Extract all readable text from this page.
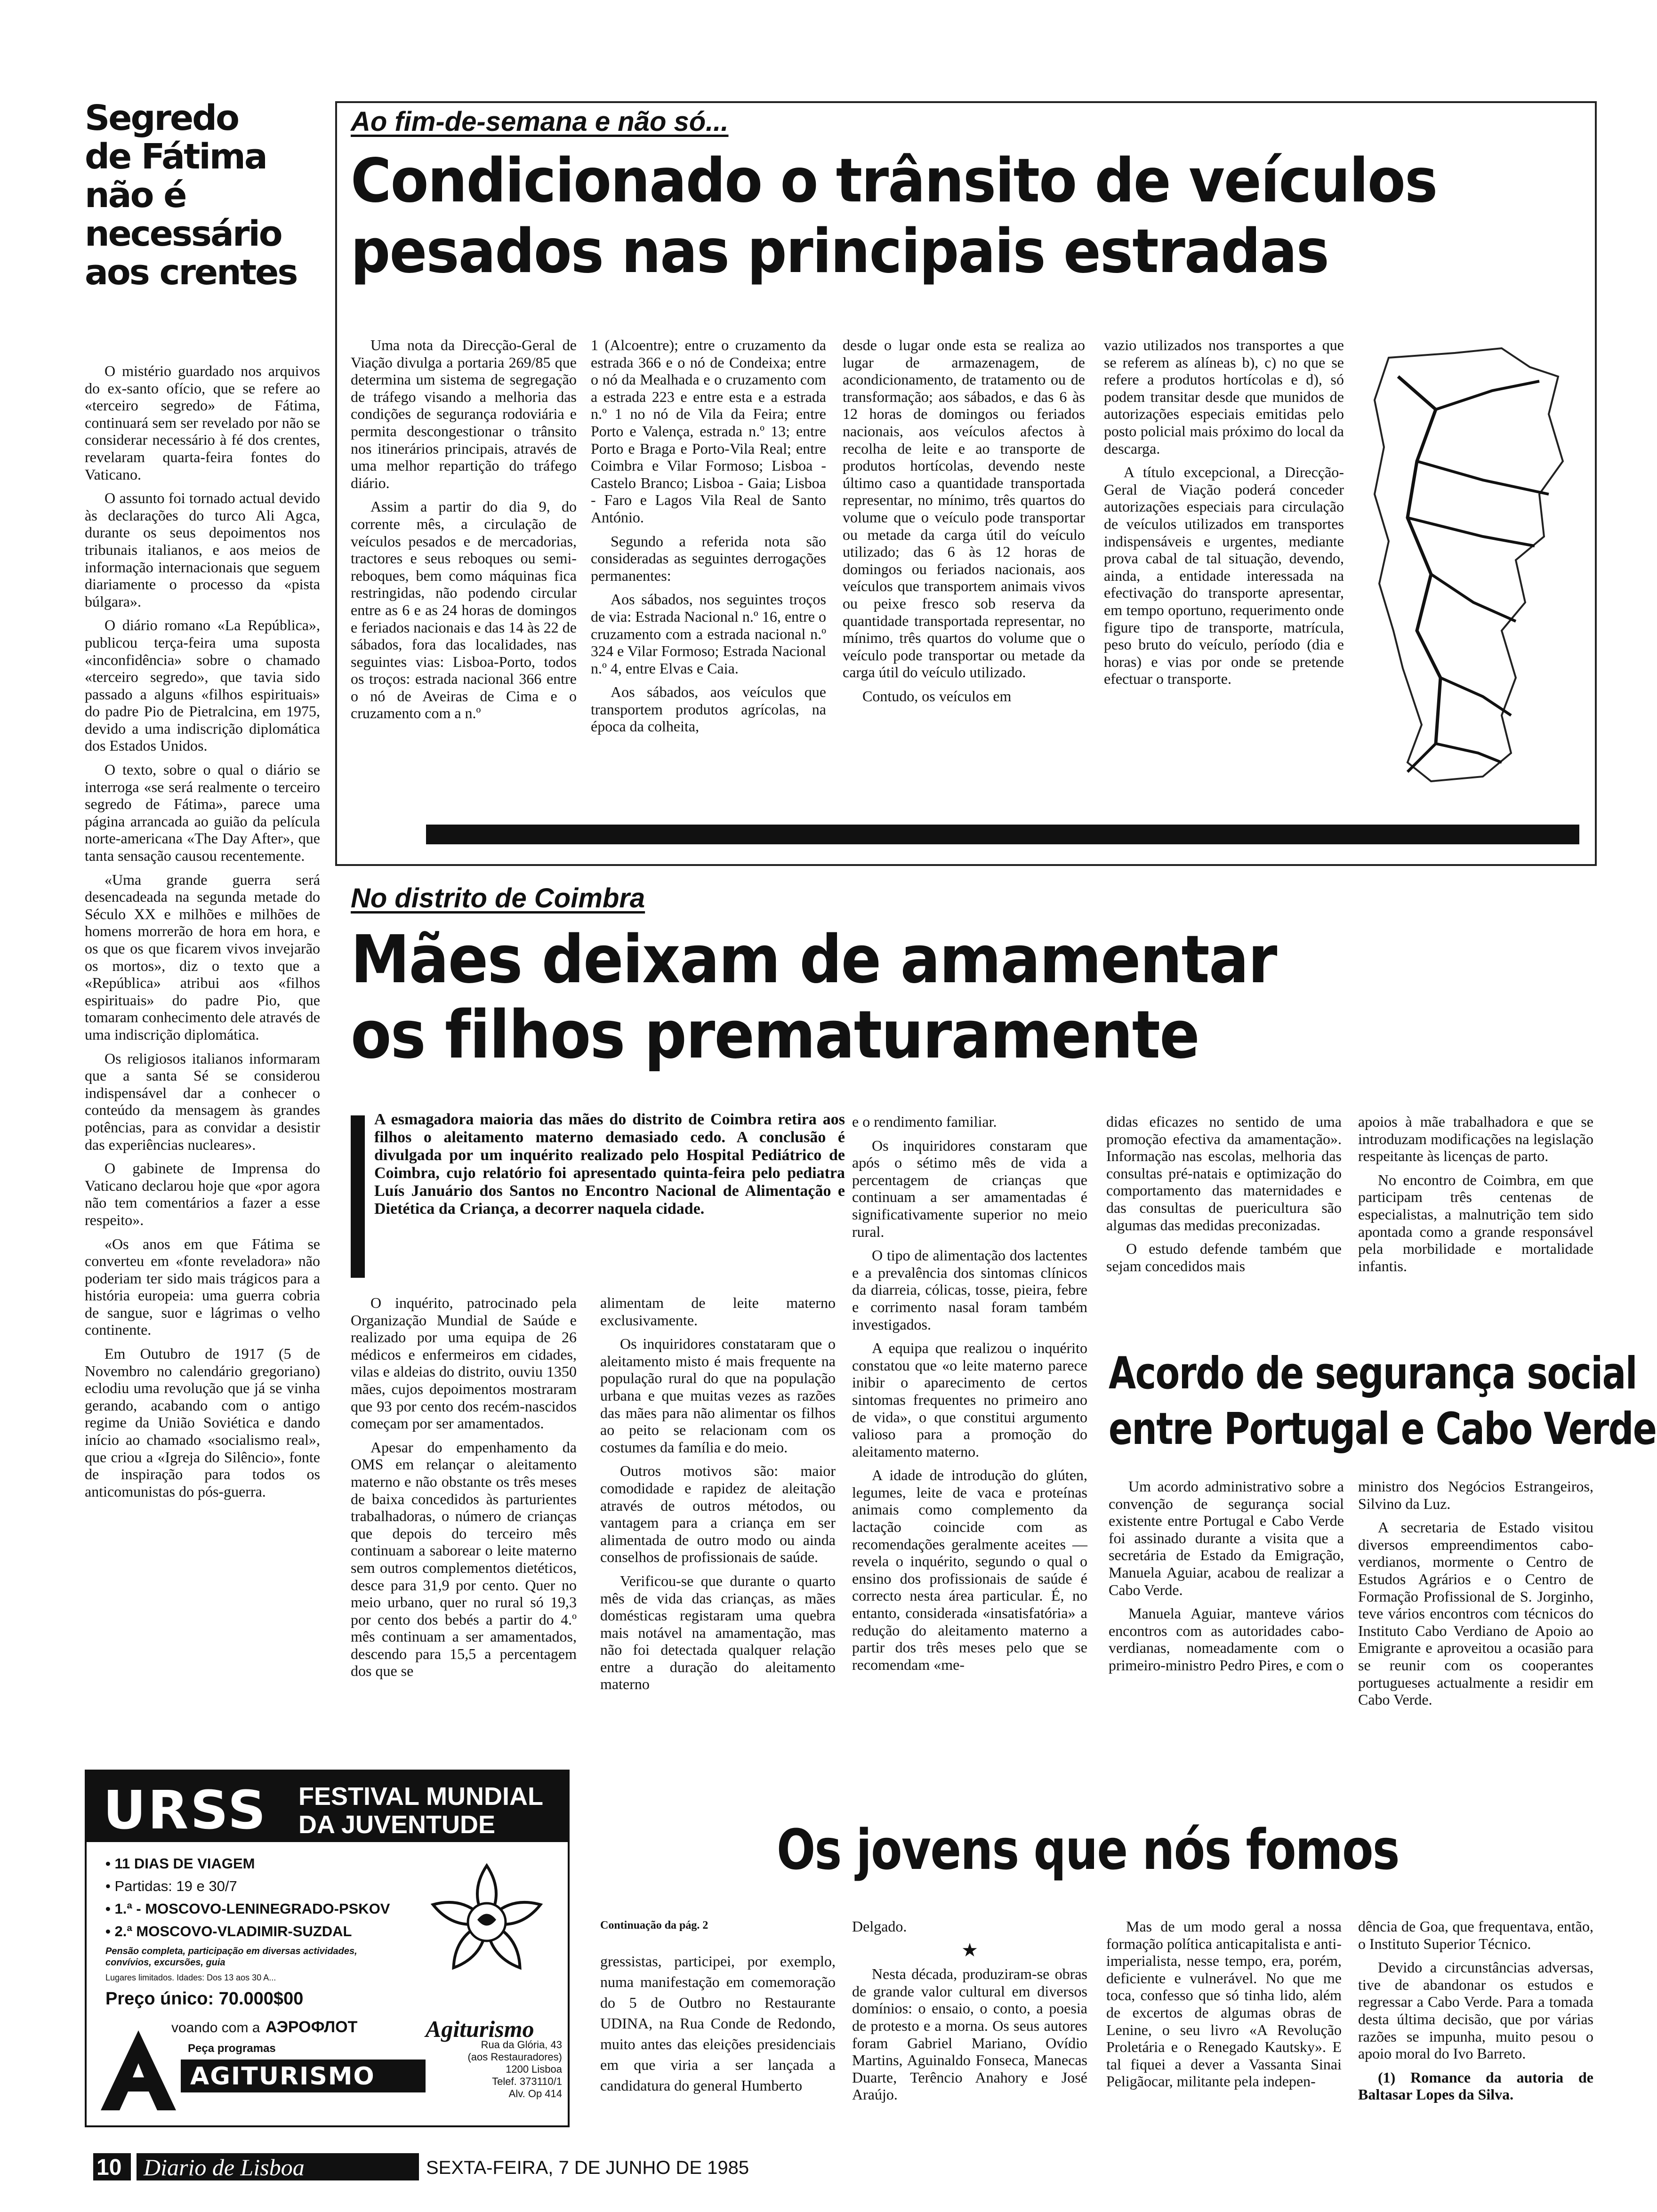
Segredo
de Fátima
não é
necessário
aos crentes

O mistério guardado nos arquivos do ex-santo ofício, que se refere ao «terceiro segredo» de Fátima, continuará sem ser revelado por não se considerar necessário à fé dos crentes, revelaram quarta-feira fontes do Vaticano.

O assunto foi tornado actual devido às declarações do turco Ali Agca, durante os seus depoimentos nos tribunais italianos, e aos meios de informação internacionais que seguem diariamente o processo da «pista búlgara».

O diário romano «La República», publicou terça-feira uma suposta «inconfidência» sobre o chamado «terceiro segredo», que tavia sido passado a alguns «filhos espirituais» do padre Pio de Pietralcina, em 1975, devido a uma indiscrição diplomática dos Estados Unidos.

O texto, sobre o qual o diário se interroga «se será realmente o terceiro segredo de Fátima», parece uma página arrancada ao guião da película norte-americana «The Day After», que tanta sensação causou recentemente.

«Uma grande guerra será desencadeada na segunda metade do Século XX e milhões e milhões de homens morrerão de hora em hora, e os que os que ficarem vivos invejarão os mortos», diz o texto que a «República» atribui aos «filhos espirituais» do padre Pio, que tomaram conhecimento dele através de uma indiscrição diplomática.

Os religiosos italianos informaram que a santa Sé se considerou indispensável dar a conhecer o conteúdo da mensagem às grandes potências, para as convidar a desistir das experiências nucleares».

O gabinete de Imprensa do Vaticano declarou hoje que «por agora não tem comentários a fazer a esse respeito».

«Os anos em que Fátima se converteu em «fonte reveladora» não poderiam ter sido mais trágicos para a história europeia: uma guerra cobria de sangue, suor e lágrimas o velho continente.

Em Outubro de 1917 (5 de Novembro no calendário gregoriano) eclodiu uma revolução que já se vinha gerando, acabando com o antigo regime da União Soviética e dando início ao chamado «socialismo real», que criou a «Igreja do Silêncio», fonte de inspiração para todos os anticomunistas do pós-guerra.

Ao fim-de-semana e não só...
Condicionado o trânsito de veículos
pesados nas principais estradas

Uma nota da Direcção-Geral de Viação divulga a portaria 269/85 que determina um sistema de segregação de tráfego visando a melhoria das condições de segurança rodoviária e permita descongestionar o trânsito nos itinerários principais, através de uma melhor repartição do tráfego diário.

Assim a partir do dia 9, do corrente mês, a circulação de veículos pesados e de mercadorias, tractores e seus reboques ou semi-reboques, bem como máquinas fica restringidas, não podendo circular entre as 6 e as 24 horas de domingos e feriados nacionais e das 14 às 22 de sábados, fora das localidades, nas seguintes vias: Lisboa-Porto, todos os troços: estrada nacional 366 entre o nó de Aveiras de Cima e o cruzamento com a n.º

1 (Alcoentre); entre o cruzamento da estrada 366 e o nó de Condeixa; entre o nó da Mealhada e o cruzamento com a estrada 223 e entre esta e a estrada n.º 1 no nó de Vila da Feira; entre Porto e Valença, estrada n.º 13; entre Porto e Braga e Porto-Vila Real; entre Coimbra e Vilar Formoso; Lisboa - Castelo Branco; Lisboa - Gaia; Lisboa - Faro e Lagos Vila Real de Santo António.

Segundo a referida nota são consideradas as seguintes derrogações permanentes:

Aos sábados, nos seguintes troços de via: Estrada Nacional n.º 16, entre o cruzamento com a estrada nacional n.º 324 e Vilar Formoso; Estrada Nacional n.º 4, entre Elvas e Caia.

Aos sábados, aos veículos que transportem produtos agrícolas, na época da colheita,

desde o lugar onde esta se realiza ao lugar de armazenagem, de acondicionamento, de tratamento ou de transformação; aos sábados, e das 6 às 12 horas de domingos ou feriados nacionais, aos veículos afectos à recolha de leite e ao transporte de produtos hortícolas, devendo neste último caso a quantidade transportada representar, no mínimo, três quartos do volume que o veículo pode transportar ou metade da carga útil do veículo utilizado; das 6 às 12 horas de domingos ou feriados nacionais, aos veículos que transportem animais vivos ou peixe fresco sob reserva da quantidade transportada representar, no mínimo, três quartos do volume que o veículo pode transportar ou metade da carga útil do veículo utilizado.

Contudo, os veículos em

vazio utilizados nos transportes a que se referem as alíneas b), c) no que se refere a produtos hortícolas e d), só podem transitar desde que munidos de autorizações especiais emitidas pelo posto policial mais próximo do local da descarga.

A título excepcional, a Direcção-Geral de Viação poderá conceder autorizações especiais para circulação de veículos utilizados em transportes indispensáveis e urgentes, mediante prova cabal de tal situação, devendo, ainda, a entidade interessada na efectivação do transporte apresentar, em tempo oportuno, requerimento onde figure tipo de transporte, matrícula, peso bruto do veículo, período (dia e horas) e vias por onde se pretende efectuar o transporte.

No distrito de Coimbra
Mães deixam de amamentar
os filhos prematuramente
A esmagadora maioria das mães do distrito de Coimbra retira aos filhos o aleitamento materno demasiado cedo. A conclusão é divulgada por um inquérito realizado pelo Hospital Pediátrico de Coimbra, cujo relatório foi apresentado quinta-feira pelo pediatra Luís Januário dos Santos no Encontro Nacional de Alimentação e Dietética da Criança, a decorrer naquela cidade.

O inquérito, patrocinado pela Organização Mundial de Saúde e realizado por uma equipa de 26 médicos e enfermeiros em cidades, vilas e aldeias do distrito, ouviu 1350 mães, cujos depoimentos mostraram que 93 por cento dos recém-nascidos começam por ser amamentados.

Apesar do empenhamento da OMS em relançar o aleitamento materno e não obstante os três meses de baixa concedidos às parturientes trabalhadoras, o número de crianças que depois do terceiro mês continuam a saborear o leite materno sem outros complementos dietéticos, desce para 31,9 por cento. Quer no meio urbano, quer no rural só 19,3 por cento dos bebés a partir do 4.º mês continuam a ser amamentados, descendo para 15,5 a percentagem dos que se

alimentam de leite materno exclusivamente.

Os inquiridores constataram que o aleitamento misto é mais frequente na população rural do que na população urbana e que muitas vezes as razões das mães para não alimentar os filhos ao peito se relacionam com os costumes da família e do meio.

Outros motivos são: maior comodidade e rapidez de aleitação através de outros métodos, ou vantagem para a criança em ser alimentada de outro modo ou ainda conselhos de profissionais de saúde.

Verificou-se que durante o quarto mês de vida das crianças, as mães domésticas registaram uma quebra mais notável na amamentação, mas não foi detectada qualquer relação entre a duração do aleitamento materno

e o rendimento familiar.

Os inquiridores constaram que após o sétimo mês de vida a percentagem de crianças que continuam a ser amamentadas é significativamente superior no meio rural.

O tipo de alimentação dos lactentes e a prevalência dos sintomas clínicos da diarreia, cólicas, tosse, pieira, febre e corrimento nasal foram também investigados.

A equipa que realizou o inquérito constatou que «o leite materno parece inibir o aparecimento de certos sintomas frequentes no primeiro ano de vida», o que constitui argumento valioso para a promoção do aleitamento materno.

A idade de introdução do glúten, legumes, leite de vaca e proteínas animais como complemento da lactação coincide com as recomendações geralmente aceites — revela o inquérito, segundo o qual o ensino dos profissionais de saúde é correcto nesta área particular. É, no entanto, considerada «insatisfatória» a redução do aleitamento materno a partir dos três meses pelo que se recomendam «me-

didas eficazes no sentido de uma promoção efectiva da amamentação». Informação nas escolas, melhoria das consultas pré-natais e optimização do comportamento das maternidades e das consultas de puericultura são algumas das medidas preconizadas.

O estudo defende também que sejam concedidos mais

apoios à mãe trabalhadora e que se introduzam modificações na legislação respeitante às licenças de parto.

No encontro de Coimbra, em que participam três centenas de especialistas, a malnutrição tem sido apontada como a grande responsável pela morbilidade e mortalidade infantis.

Acordo de segurança social
entre Portugal e Cabo Verde

Um acordo administrativo sobre a convenção de segurança social existente entre Portugal e Cabo Verde foi assinado durante a visita que a secretária de Estado da Emigração, Manuela Aguiar, acabou de realizar a Cabo Verde.

Manuela Aguiar, manteve vários encontros com as autoridades cabo-verdianas, nomeadamente com o primeiro-ministro Pedro Pires, e com o

ministro dos Negócios Estrangeiros, Silvino da Luz.

A secretaria de Estado visitou diversos empreendimentos cabo-verdianos, mormente o Centro de Estudos Agrários e o Centro de Formação Profissional de S. Jorginho, teve vários encontros com técnicos do Instituto Cabo Verdiano de Apoio ao Emigrante e aproveitou a ocasião para se reunir com os cooperantes portugueses actualmente a residir em Cabo Verde.

URSS FESTIVAL MUNDIAL
DA JUVENTUDE
• 11 DIAS DE VIAGEM
• Partidas: 19 e 30/7
• 1.ª - MOSCOVO-LENINEGRADO-PSKOV
• 2.ª MOSCOVO-VLADIMIR-SUZDAL
Pensão completa, participação em diversas actividades, convívios, excursões, guia
Lugares limitados. Idades: Dos 13 aos 30 A...
Preço único: 70.000$00
voando com a АЭРОФЛОТ	Agiturismo
Peça programas
AGITURISMO
Rua da Glória, 43
(aos Restauradores)
1200 Lisboa
Telef. 373110/1
Alv. Op 414
Os jovens que nós fomos
Continuação da pág. 2

gressistas, participei, por exemplo, numa manifestação em comemoração do 5 de Outbro no Restaurante UDINA, na Rua Conde de Redondo, muito antes das eleições presidenciais em que viria a ser lançada a candidatura do general Humberto

Delgado.

★

Nesta década, produziram-se obras de grande valor cultural em diversos domínios: o ensaio, o conto, a poesia de protesto e a morna. Os seus autores foram Gabriel Mariano, Ovídio Martins, Aguinaldo Fonseca, Manecas Duarte, Terêncio Anahory e José Araújo.

Mas de um modo geral a nossa formação política anticapitalista e anti-imperialista, nesse tempo, era, porém, deficiente e vulnerável. No que me toca, confesso que só tinha lido, além de excertos de algumas obras de Lenine, o seu livro «A Revolução Proletária e o Renegado Kautsky». E tal fiquei a dever a Vassanta Sinai Peligãocar, militante pela indepen-

dência de Goa, que frequentava, então, o Instituto Superior Técnico.

Devido a circunstâncias adversas, tive de abandonar os estudos e regressar a Cabo Verde. Para a tomada desta última decisão, que por várias razões se impunha, muito pesou o apoio moral do Ivo Barreto.

(1) Romance da autoria de Baltasar Lopes da Silva.

10 Diario de Lisboa	SEXTA-FEIRA, 7 DE JUNHO DE 1985
